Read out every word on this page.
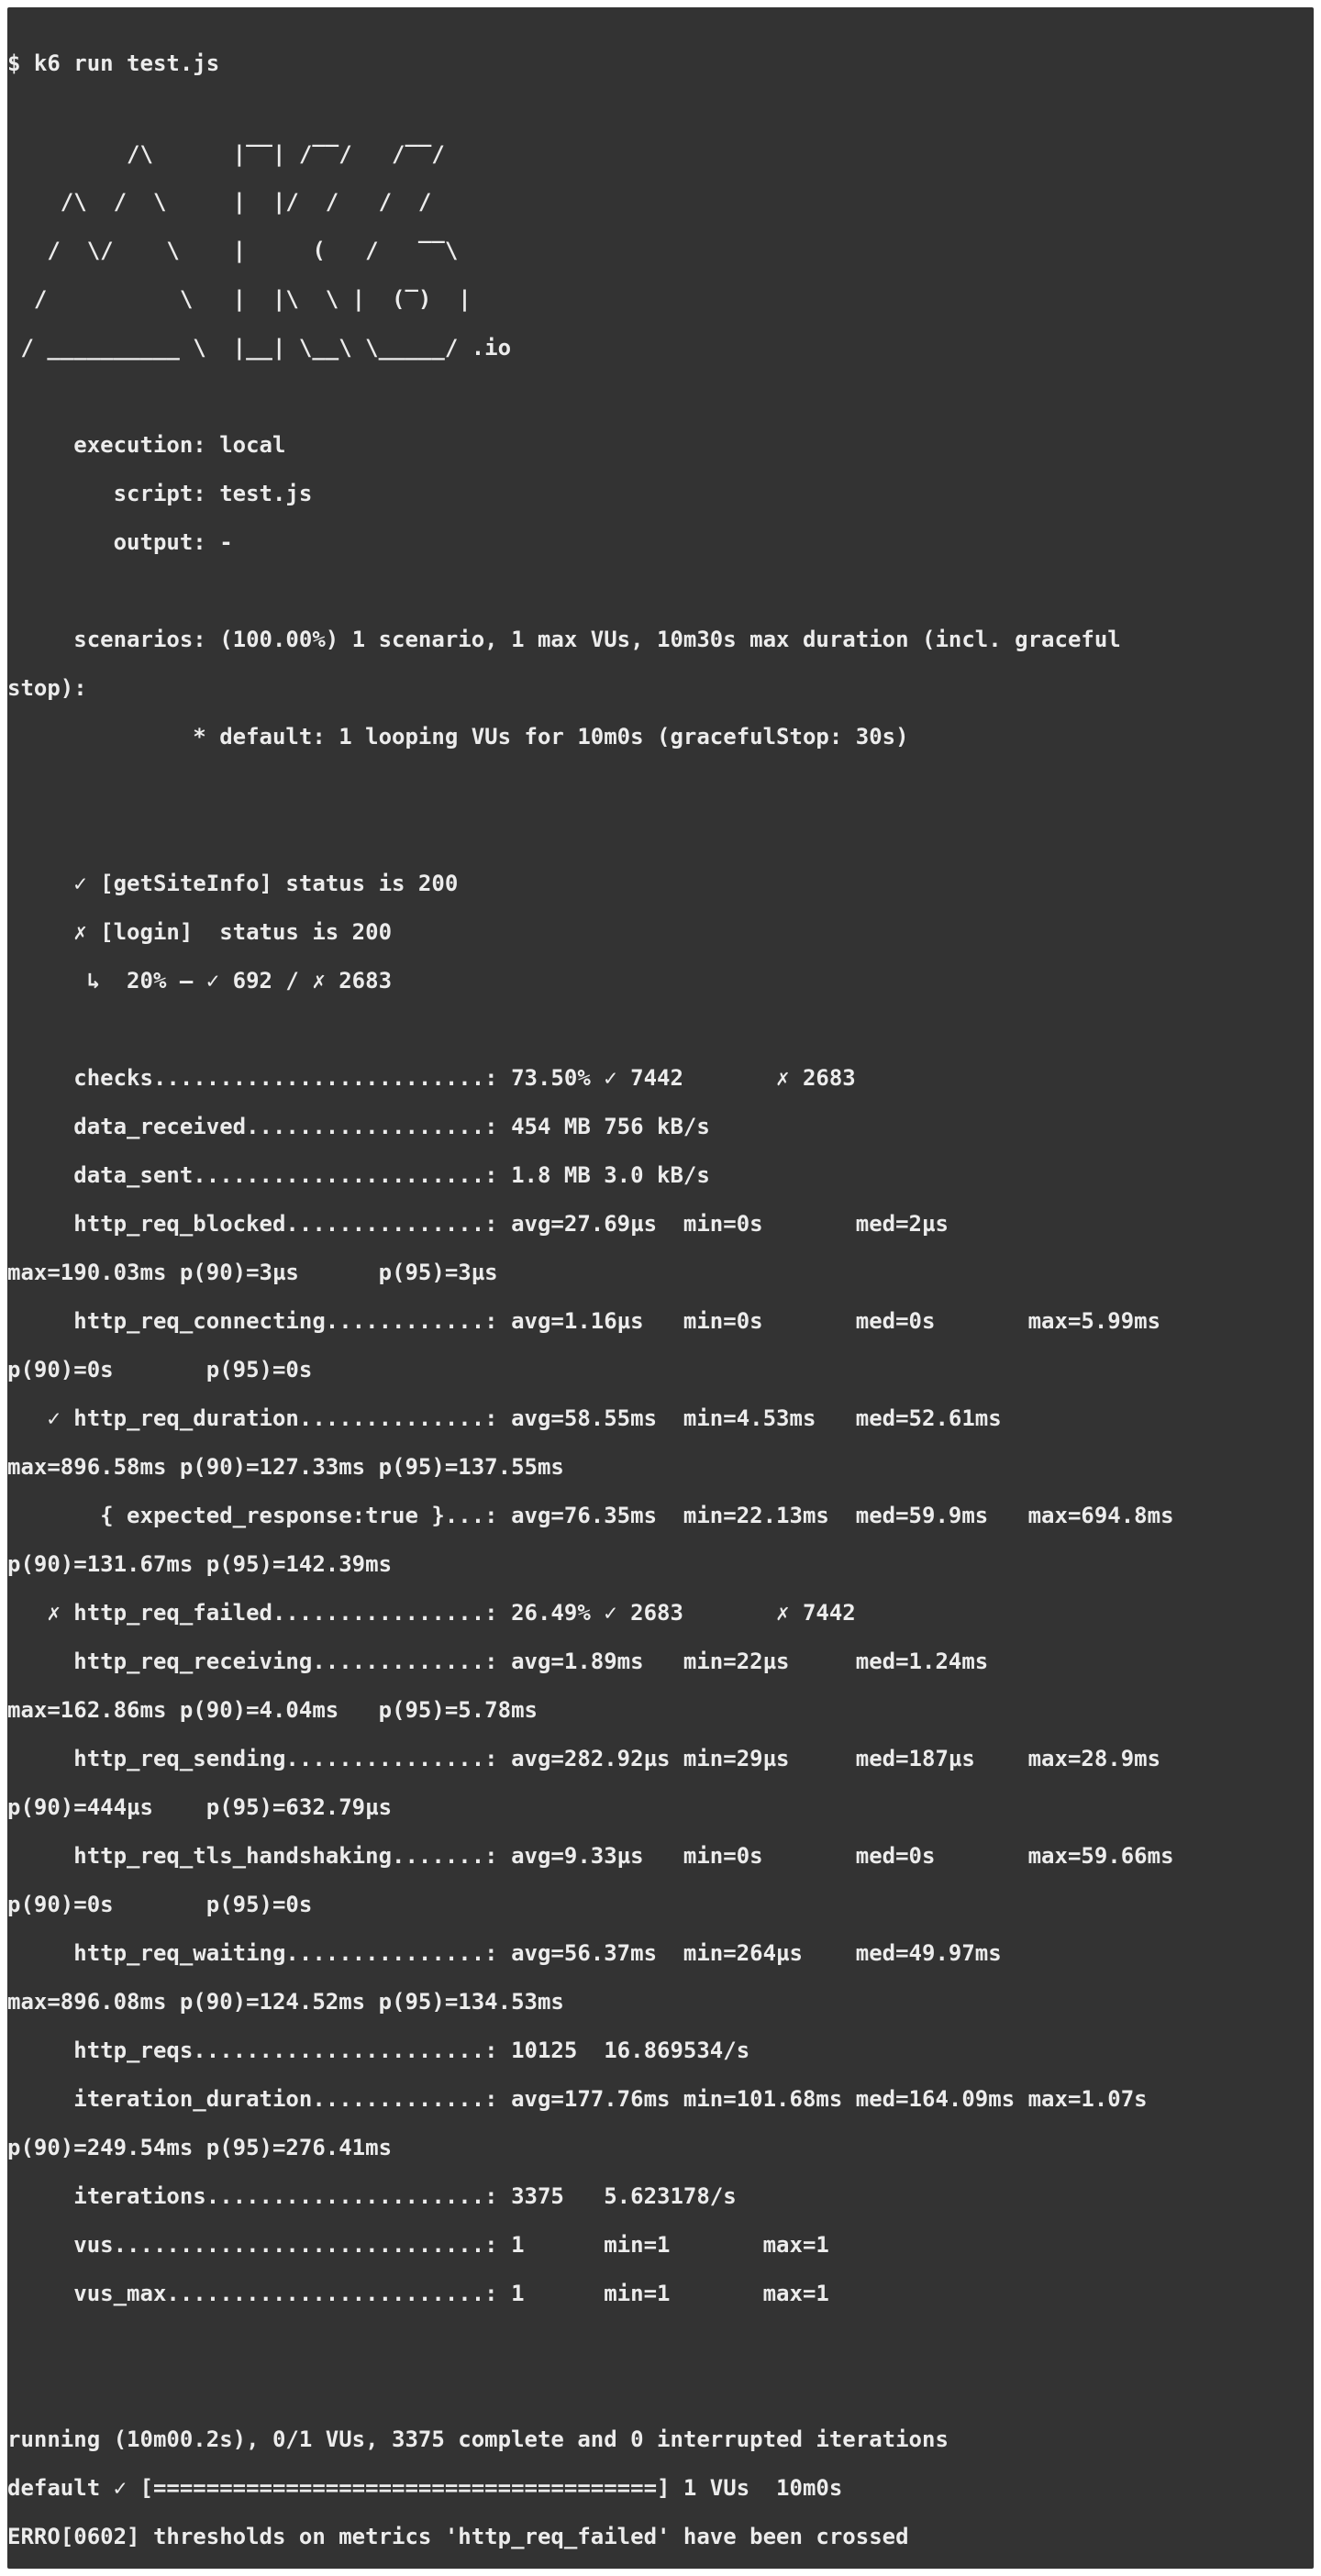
$ k6 run test.js
/\      |‾‾| /‾‾/   /‾‾/
/\  /  \     |  |/  /   /  /
/  \/    \    |     (   /   ‾‾\
/          \   |  |\  \ |  (‾)  |
/ __________ \  |__| \__\ \_____/ .io
execution: local
script: test.js
output: -
scenarios: (100.00%) 1 scenario, 1 max VUs, 10m30s max duration (incl. graceful
stop):
* default: 1 looping VUs for 10m0s (gracefulStop: 30s)
✓ [getSiteInfo] status is 200
✗ [login]  status is 200
↳  20% — ✓ 692 / ✗ 2683
checks.........................: 73.50% ✓ 7442       ✗ 2683
data_received..................: 454 MB 756 kB/s
data_sent......................: 1.8 MB 3.0 kB/s
http_req_blocked...............: avg=27.69µs  min=0s       med=2µs
max=190.03ms p(90)=3µs      p(95)=3µs
http_req_connecting............: avg=1.16µs   min=0s       med=0s       max=5.99ms
p(90)=0s       p(95)=0s
✓ http_req_duration..............: avg=58.55ms  min=4.53ms   med=52.61ms
max=896.58ms p(90)=127.33ms p(95)=137.55ms
{ expected_response:true }...: avg=76.35ms  min=22.13ms  med=59.9ms   max=694.8ms
p(90)=131.67ms p(95)=142.39ms
✗ http_req_failed................: 26.49% ✓ 2683       ✗ 7442
http_req_receiving.............: avg=1.89ms   min=22µs     med=1.24ms
max=162.86ms p(90)=4.04ms   p(95)=5.78ms
http_req_sending...............: avg=282.92µs min=29µs     med=187µs    max=28.9ms
p(90)=444µs    p(95)=632.79µs
http_req_tls_handshaking.......: avg=9.33µs   min=0s       med=0s       max=59.66ms
p(90)=0s       p(95)=0s
http_req_waiting...............: avg=56.37ms  min=264µs    med=49.97ms
max=896.08ms p(90)=124.52ms p(95)=134.53ms
http_reqs......................: 10125  16.869534/s
iteration_duration.............: avg=177.76ms min=101.68ms med=164.09ms max=1.07s
p(90)=249.54ms p(95)=276.41ms
iterations.....................: 3375   5.623178/s
vus............................: 1      min=1       max=1
vus_max........................: 1      min=1       max=1
running (10m00.2s), 0/1 VUs, 3375 complete and 0 interrupted iterations
default ✓ [======================================] 1 VUs  10m0s
ERRO[0602] thresholds on metrics 'http_req_failed' have been crossed
